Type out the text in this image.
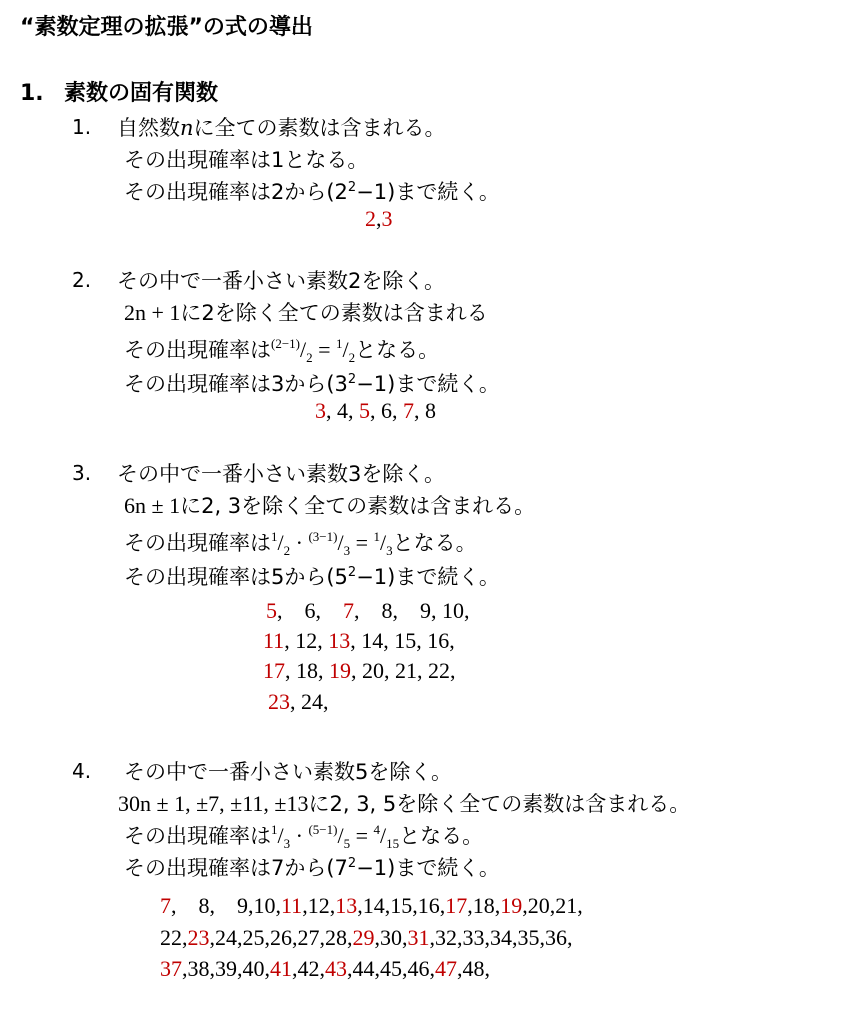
“素数定理の拡張”の式の導出
1. 素数の固有関数
1. 自然数nに全ての素数は含まれる。
その出現確率は1となる。
その出現確率は2から$(2^2-1)$まで続く。
2,3
2. その中で一番小さい素数2を除く。
2n + 1に2を除く全ての素数は含まれる
その出現確率は$^{(2-1)}/_2 = ^1/_2$となる。
その出現確率は3から$(3^2-1)$まで続く。
3, 4, 5, 6, 7, 8
3. その中で一番小さい素数3を除く。
6n ± 1に2, 3を除く全ての素数は含まれる。
その出現確率は$^1/_2 \cdot ^{(3-1)}/_3 = ^1/_3$となる。
その出現確率は5から$(5^2-1)$まで続く。
5,    6,    7,    8,    9, 10,
11, 12, 13, 14, 15, 16,
17, 18, 19, 20, 21, 22,
23, 24,
4. その中で一番小さい素数5を除く。
30n ± 1, ±7, ±11, ±13に2, 3, 5を除く全ての素数は含まれる。
その出現確率は$^1/_3 \cdot ^{(5-1)}/_5 = ^4/_{15}$となる。
その出現確率は7から$(7^2-1)$まで続く。
7,    8,    9,10,11,12,13,14,15,16,17,18,19,20,21,
22,23,24,25,26,27,28,29,30,31,32,33,34,35,36,
37,38,39,40,41,42,43,44,45,46,47,48,
